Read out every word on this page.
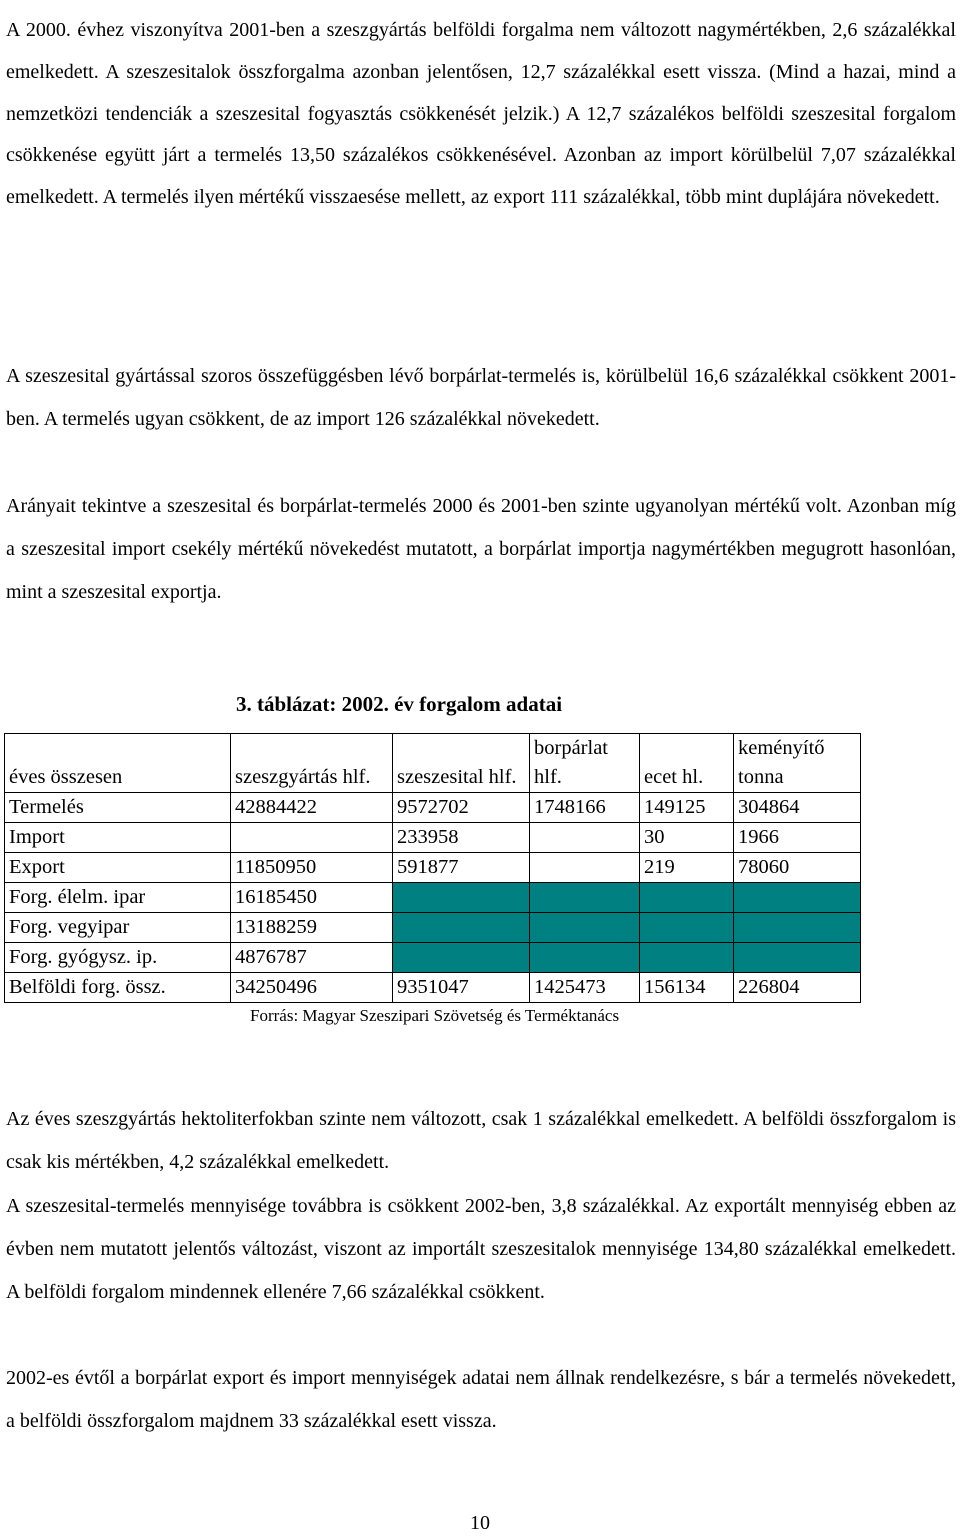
A 2000. évhez viszonyítva 2001-ben a szeszgyártás belföldi forgalma nem változott nagymértékben, 2,6 százalékkal emelkedett. A szeszesitalok összforgalma azonban jelentősen, 12,7 százalékkal esett vissza. (Mind a hazai, mind a nemzetközi tendenciák a szeszesital fogyasztás csökkenését jelzik.) A 12,7 százalékos belföldi szeszesital forgalom csökkenése együtt járt a termelés 13,50 százalékos csökkenésével. Azonban az import körülbelül 7,07 százalékkal emelkedett. A termelés ilyen mértékű visszaesése mellett, az export 111 százalékkal, több mint duplájára növekedett.

A szeszesital gyártással szoros összefüggésben lévő borpárlat-termelés is, körülbelül 16,6 százalékkal csökkent 2001-ben. A termelés ugyan csökkent, de az import 126 százalékkal növekedett.

Arányait tekintve a szeszesital és borpárlat-termelés 2000 és 2001-ben szinte ugyanolyan mértékű volt. Azonban míg a szeszesital import csekély mértékű növekedést mutatott, a borpárlat importja nagymértékben megugrott hasonlóan, mint a szeszesital exportja.

3. táblázat: 2002. év forgalom adatai
éves összesen	szeszgyártás hlf.	szeszesital hlf.	borpárlat hlf.	ecet hl.	keményítő tonna
Termelés	42884422	9572702	1748166	149125	304864
Import		233958		30	1966
Export	11850950	591877		219	78060
Forg. élelm. ipar	16185450				
Forg. vegyipar	13188259				
Forg. gyógysz. ip.	4876787				
Belföldi forg. össz.	34250496	9351047	1425473	156134	226804
Forrás: Magyar Szeszipari Szövetség és Terméktanács

Az éves szeszgyártás hektoliterfokban szinte nem változott, csak 1 százalékkal emelkedett. A belföldi összforgalom is csak kis mértékben, 4,2 százalékkal emelkedett.

A szeszesital-termelés mennyisége továbbra is csökkent 2002-ben, 3,8 százalékkal. Az exportált mennyiség ebben az évben nem mutatott jelentős változást, viszont az importált szeszesitalok mennyisége 134,80 százalékkal emelkedett. A belföldi forgalom mindennek ellenére 7,66 százalékkal csökkent.

2002-es évtől a borpárlat export és import mennyiségek adatai nem állnak rendelkezésre, s bár a termelés növekedett, a belföldi összforgalom majdnem 33 százalékkal esett vissza.

10
